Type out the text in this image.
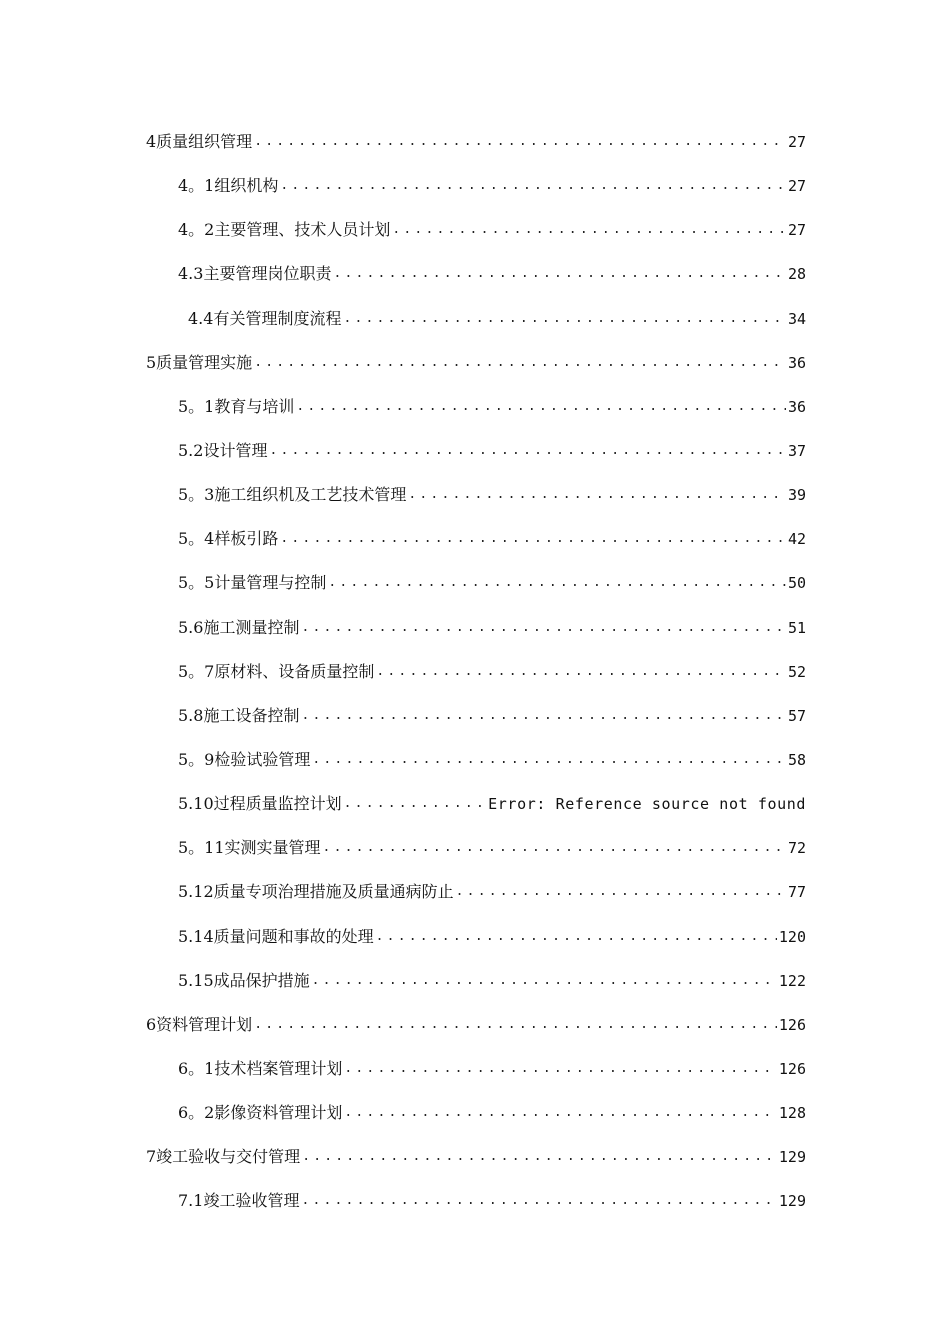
4质量组织管理 .....	27
4。1组织机构 .....	27
4。2主要管理、技术人员计划 .....	27
4.3主要管理岗位职责 .....	28
4.4有关管理制度流程 .....	34
5质量管理实施 .....	36
5。1教育与培训 .....	36
5.2设计管理 .....	37
5。3施工组织机及工艺技术管理 .....	39
5。4样板引路 .....	42
5。5计量管理与控制 .....	50
5.6施工测量控制 .....	51
5。7原材料、设备质量控制 .....	52
5.8施工设备控制 .....	57
5。9检验试验管理 .....	58
5.10过程质量监控计划 .....	Error: Reference source not found
5。11实测实量管理 .....	72
5.12质量专项治理措施及质量通病防止 .....	77
5.14质量问题和事故的处理 .....	120
5.15成品保护措施 .....	122
6资料管理计划 .....	126
6。1技术档案管理计划 .....	126
6。2影像资料管理计划 .....	128
7竣工验收与交付管理 .....	129
7.1竣工验收管理 .....	129
